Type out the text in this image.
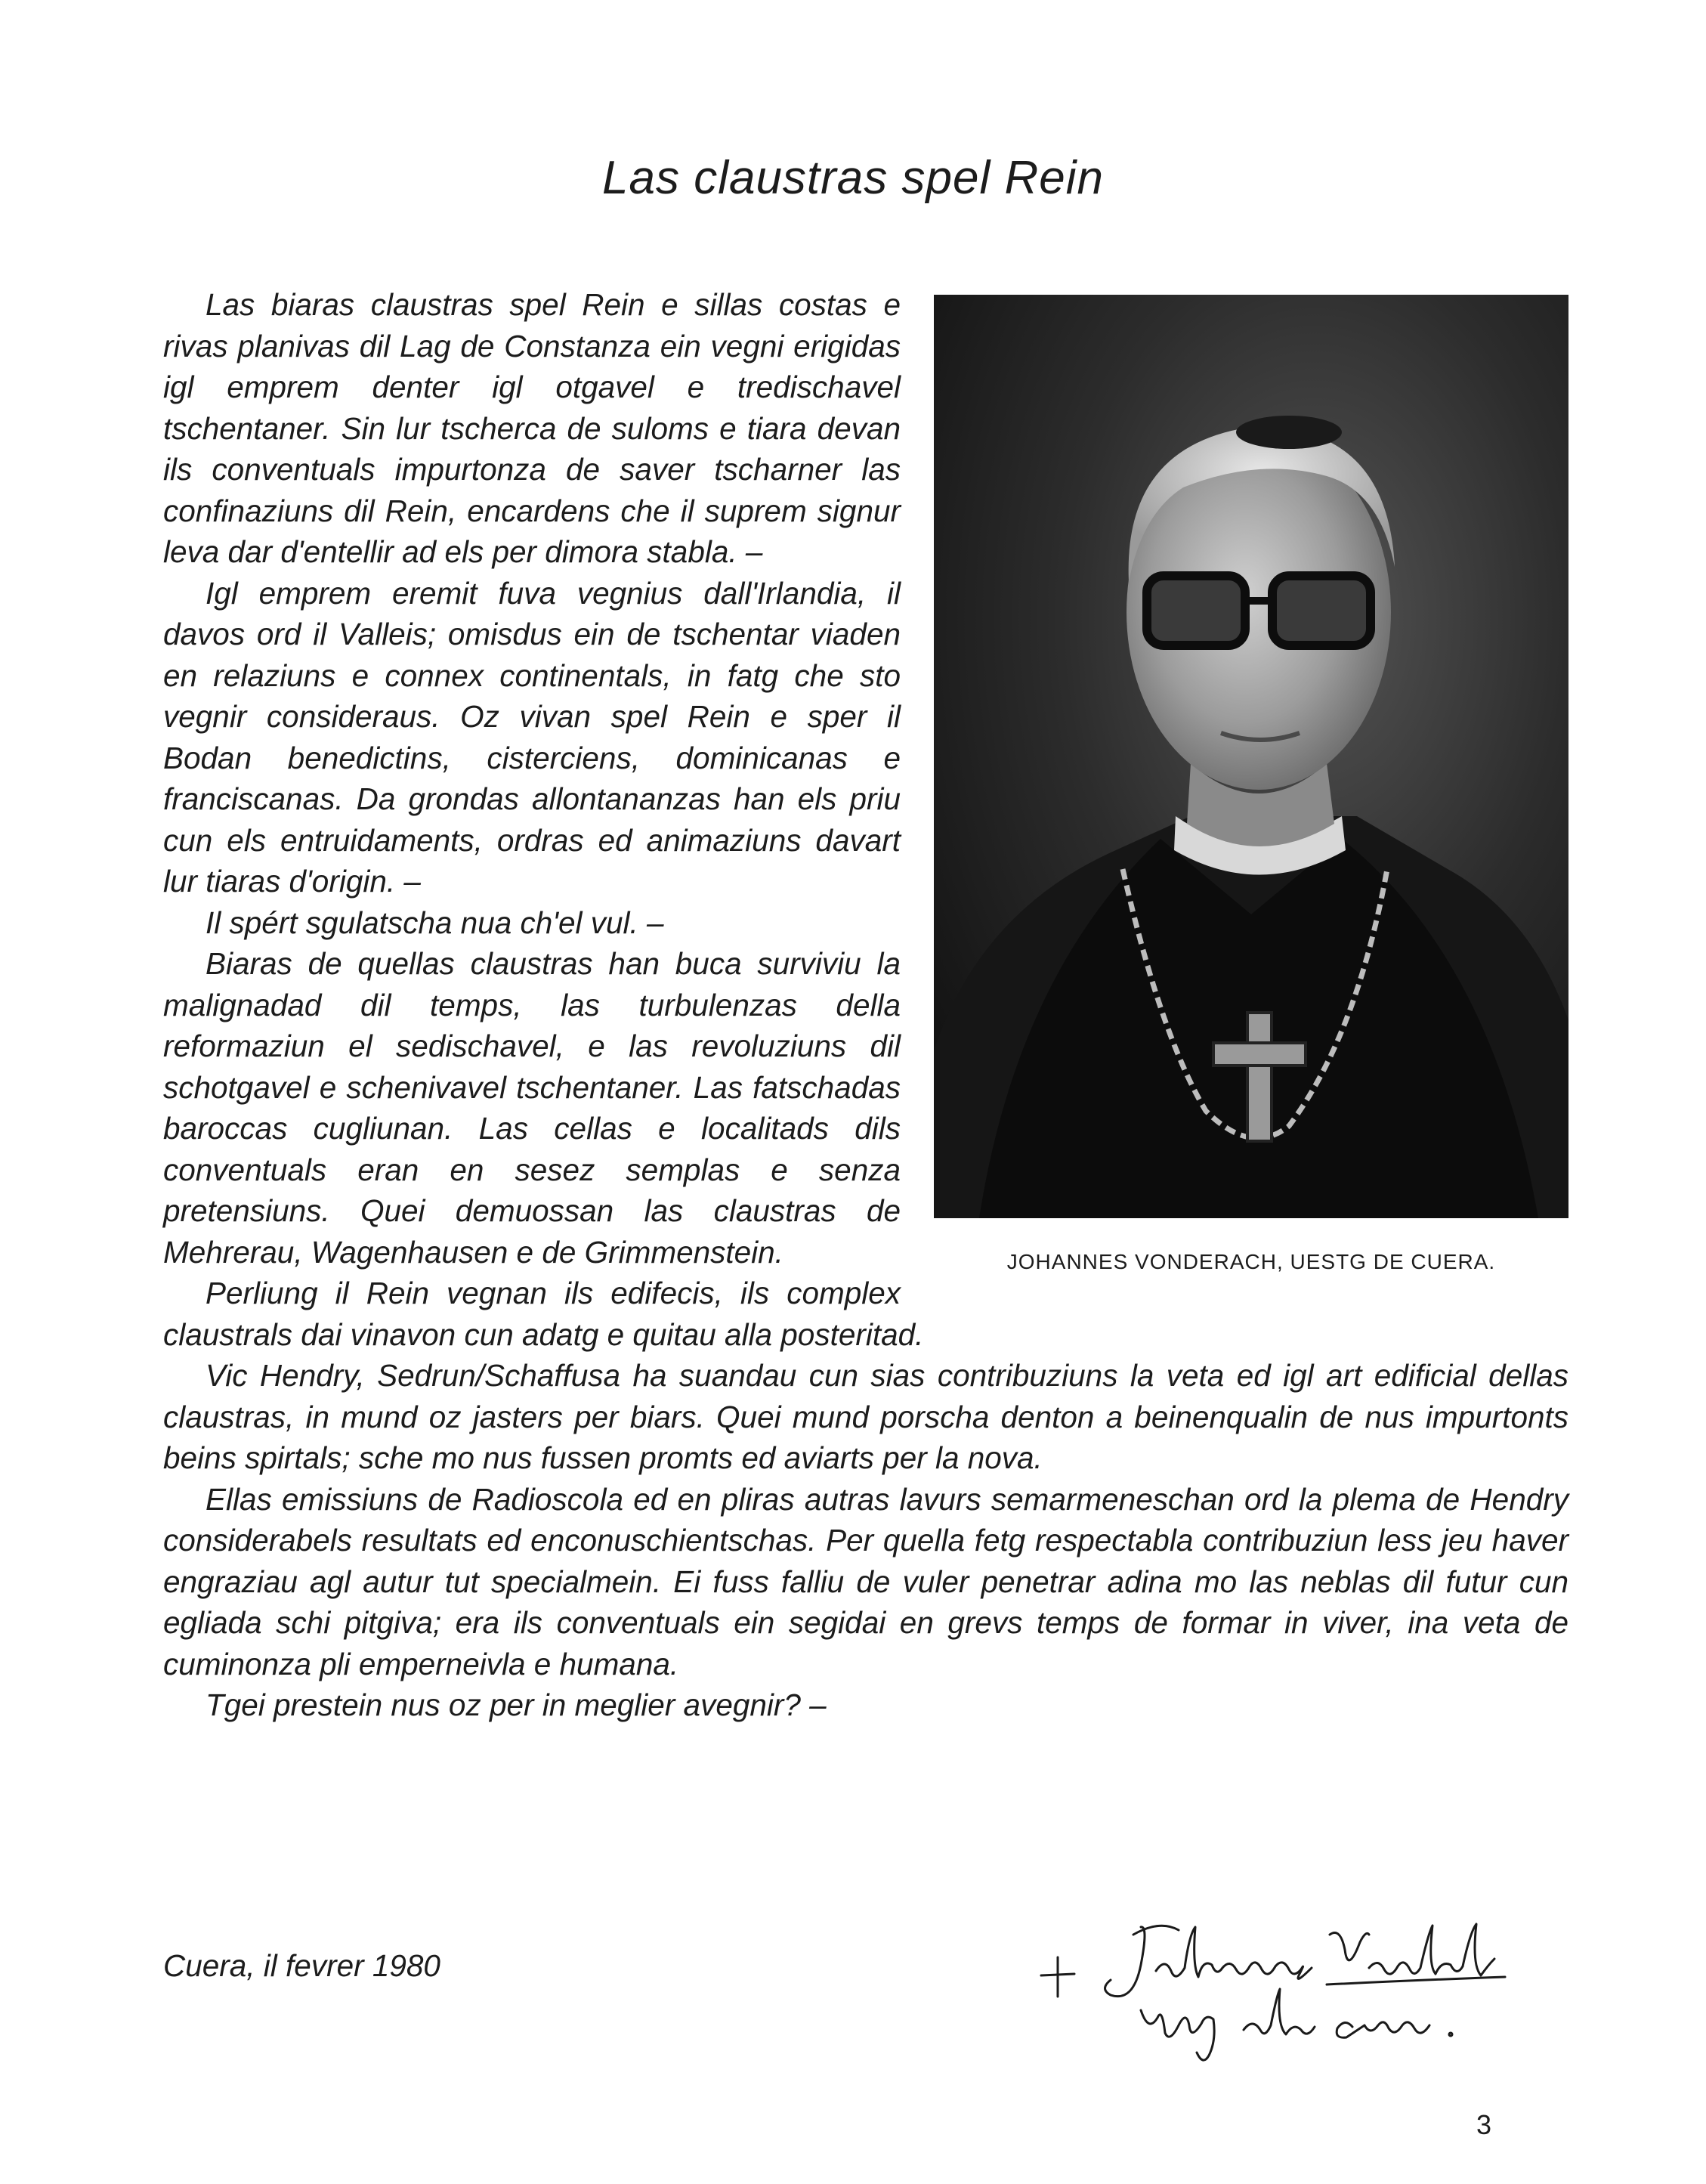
Las claustras spel Rein
JOHANNES VONDERACH, UESTG DE CUERA.

Las biaras claustras spel Rein e sillas costas e rivas planivas dil Lag de Constanza ein vegni erigidas igl emprem denter igl otgavel e tredischavel tschentaner. Sin lur tscherca de suloms e tiara devan ils conventuals impurtonza de saver tscharner las confinaziuns dil Rein, encardens che il suprem signur leva dar d'entellir ad els per dimora stabla. –

Igl emprem eremit fuva vegnius dall'Irlandia, il davos ord il Valleis; omisdus ein de tschentar viaden en relaziuns e connex continentals, in fatg che sto vegnir consideraus. Oz vivan spel Rein e sper il Bodan benedictins, cisterciens, dominicanas e franciscanas. Da grondas allontananzas han els priu cun els entruidaments, ordras ed animaziuns davart lur tiaras d'origin. –

Il spért sgulatscha nua ch'el vul. –

Biaras de quellas claustras han buca surviviu la malignadad dil temps, las turbulenzas della reformaziun el sedischavel, e las revoluziuns dil schotgavel e schenivavel tschentaner. Las fatschadas baroccas cugliunan. Las cellas e localitads dils conventuals eran en sesez semplas e senza pretensiuns. Quei demuossan las claustras de Mehrerau, Wagenhausen e de Grimmenstein.

Perliung il Rein vegnan ils edifecis, ils complex claustrals dai vinavon cun adatg e quitau alla posteritad.

Vic Hendry, Sedrun/Schaffusa ha suandau cun sias contribuziuns la veta ed igl art edificial dellas claustras, in mund oz jasters per biars. Quei mund porscha denton a beinenqualin de nus impurtonts beins spirtals; sche mo nus fussen promts ed aviarts per la nova.

Ellas emissiuns de Radioscola ed en pliras autras lavurs semarmeneschan ord la plema de Hendry considerabels resultats ed enconuschientschas. Per quella fetg respectabla contribuziun less jeu haver engraziau agl autur tut specialmein. Ei fuss falliu de vuler penetrar adina mo las neblas dil futur cun egliada schi pitgiva; era ils conventuals ein segidai en grevs temps de formar in viver, ina veta de cuminonza pli emperneivla e humana.

Tgei prestein nus oz per in meglier avegnir? –

Cuera, il fevrer 1980
3
